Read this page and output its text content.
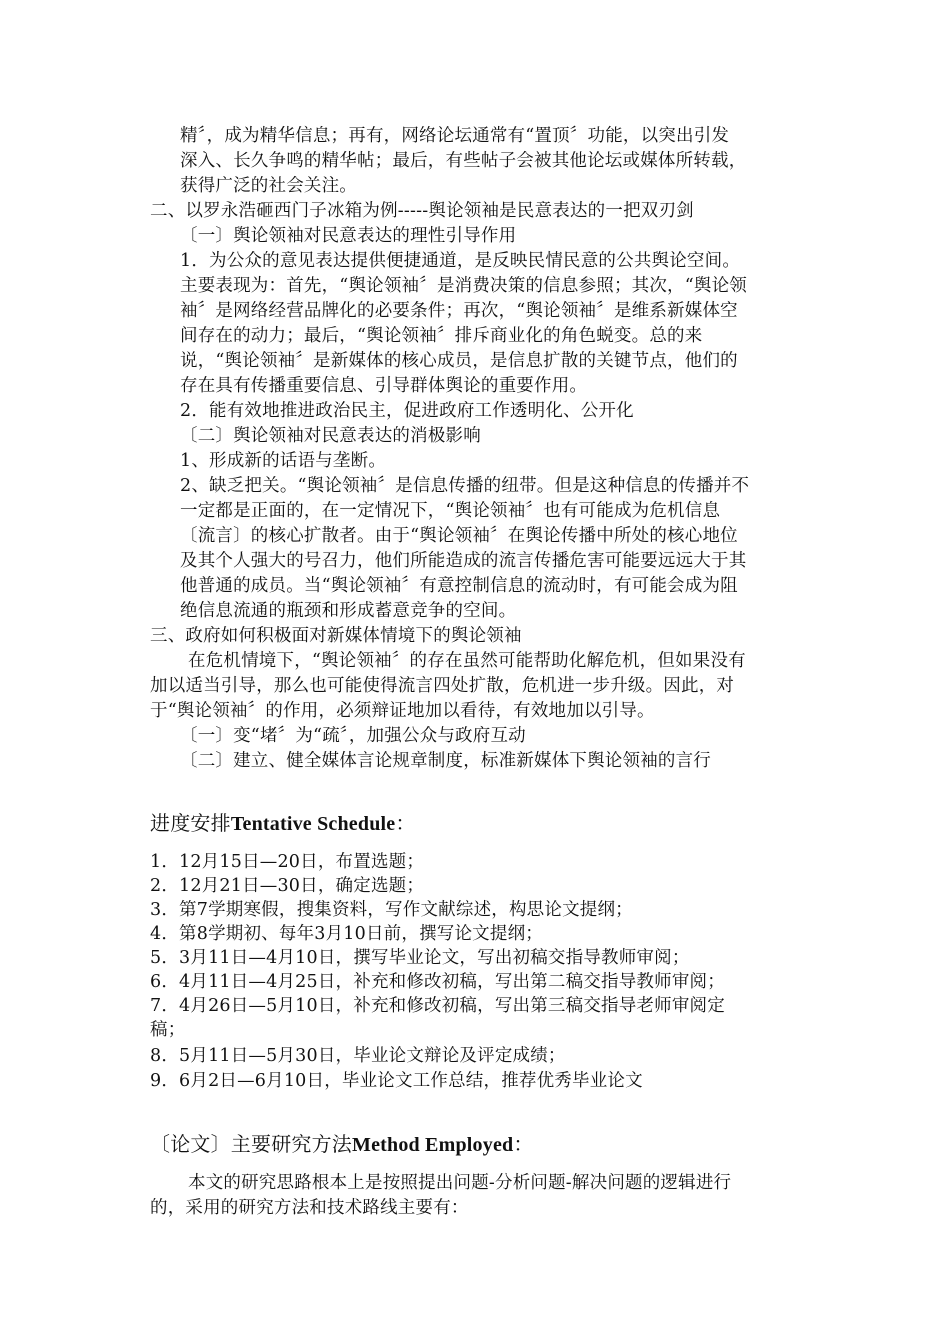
精〞，成为精华信息；再有，网络论坛通常有“置顶〞功能，以突出引发
深入、长久争鸣的精华帖；最后，有些帖子会被其他论坛或媒体所转载，
获得广泛的社会关注。
二、以罗永浩砸西门子冰箱为例-----舆论领袖是民意表达的一把双刃剑
〔一〕舆论领袖对民意表达的理性引导作用
1．为公众的意见表达提供便捷通道，是反映民情民意的公共舆论空间。
主要表现为：首先，“舆论领袖〞是消费决策的信息参照；其次，“舆论领
袖〞是网络经营品牌化的必要条件；再次，“舆论领袖〞是维系新媒体空
间存在的动力；最后，“舆论领袖〞排斥商业化的角色蜕变。总的来
说，“舆论领袖〞是新媒体的核心成员，是信息扩散的关键节点，他们的
存在具有传播重要信息、引导群体舆论的重要作用。
2．能有效地推进政治民主，促进政府工作透明化、公开化
〔二〕舆论领袖对民意表达的消极影响
1、形成新的话语与垄断。
2、缺乏把关。“舆论领袖〞是信息传播的纽带。但是这种信息的传播并不
一定都是正面的，在一定情况下，“舆论领袖〞也有可能成为危机信息
〔流言〕的核心扩散者。由于“舆论领袖〞在舆论传播中所处的核心地位
及其个人强大的号召力，他们所能造成的流言传播危害可能要远远大于其
他普通的成员。当“舆论领袖〞有意控制信息的流动时，有可能会成为阻
绝信息流通的瓶颈和形成蓄意竞争的空间。
三、政府如何积极面对新媒体情境下的舆论领袖
在危机情境下，“舆论领袖〞的存在虽然可能帮助化解危机，但如果没有
加以适当引导，那么也可能使得流言四处扩散，危机进一步升级。因此，对
于“舆论领袖〞的作用，必须辩证地加以看待，有效地加以引导。
〔一〕变“堵〞为“疏〞，加强公众与政府互动
〔二〕建立、健全媒体言论规章制度，标准新媒体下舆论领袖的言行
进度安排Tentative Schedule：
1．12月15日—20日，布置选题；
2．12月21日—30日，确定选题；
3．第7学期寒假，搜集资料，写作文献综述，构思论文提纲；
4．第8学期初、每年3月10日前，撰写论文提纲；
5．3月11日—4月10日，撰写毕业论文，写出初稿交指导教师审阅；
6．4月11日—4月25日，补充和修改初稿，写出第二稿交指导教师审阅；
7．4月26日—5月10日，补充和修改初稿，写出第三稿交指导老师审阅定
稿；
8．5月11日—5月30日，毕业论文辩论及评定成绩；
9．6月2日—6月10日，毕业论文工作总结，推荐优秀毕业论文
〔论文〕主要研究方法Method Employed：
本文的研究思路根本上是按照提出问题-分析问题-解决问题的逻辑进行
的，采用的研究方法和技术路线主要有：
